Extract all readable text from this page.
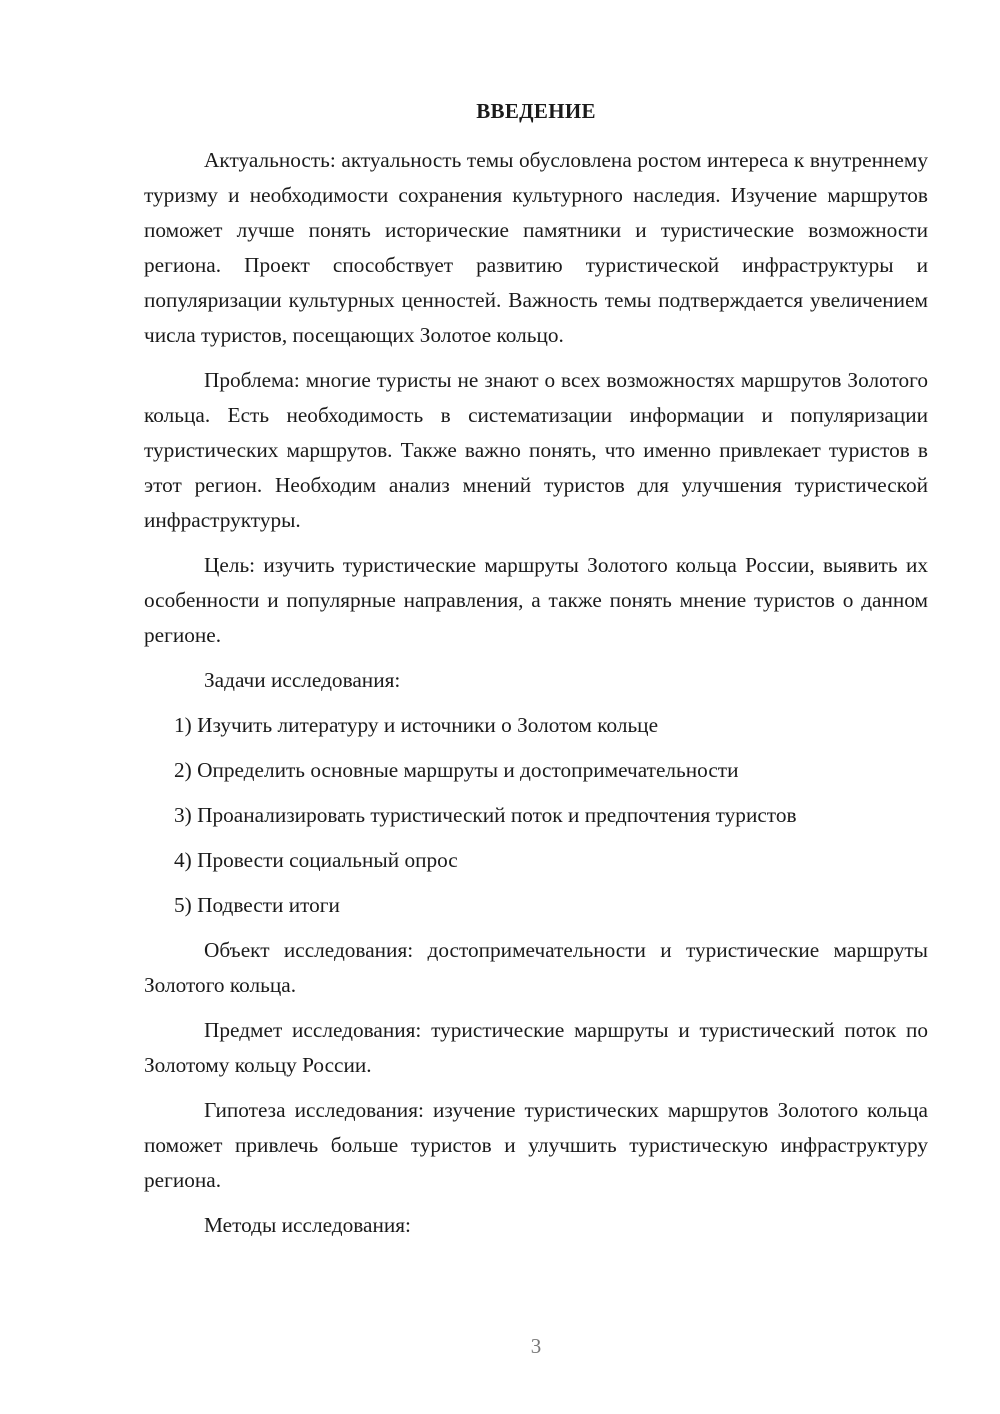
ВВЕДЕНИЕ

Актуальность: актуальность темы обусловлена ростом интереса к внутреннему туризму и необходимости сохранения культурного наследия. Изучение маршрутов поможет лучше понять исторические памятники и туристические возможности региона. Проект способствует развитию туристической инфраструктуры и популяризации культурных ценностей. Важность темы подтверждается увеличением числа туристов, посещающих Золотое кольцо.

Проблема: многие туристы не знают о всех возможностях маршрутов Золотого кольца. Есть необходимость в систематизации информации и популяризации туристических маршрутов. Также важно понять, что именно привлекает туристов в этот регион. Необходим анализ мнений туристов для улучшения туристической инфраструктуры.

Цель: изучить туристические маршруты Золотого кольца России, выявить их особенности и популярные направления, а также понять мнение туристов о данном регионе.

Задачи исследования:

1) Изучить литературу и источники о Золотом кольце

2) Определить основные маршруты и достопримечательности

3) Проанализировать туристический поток и предпочтения туристов

4) Провести социальный опрос

5) Подвести итоги

Объект исследования: достопримечательности и туристические маршруты Золотого кольца.

Предмет исследования: туристические маршруты и туристический поток по Золотому кольцу России.

Гипотеза исследования: изучение туристических маршрутов Золотого кольца поможет привлечь больше туристов и улучшить туристическую инфраструктуру региона.

Методы исследования:

3
